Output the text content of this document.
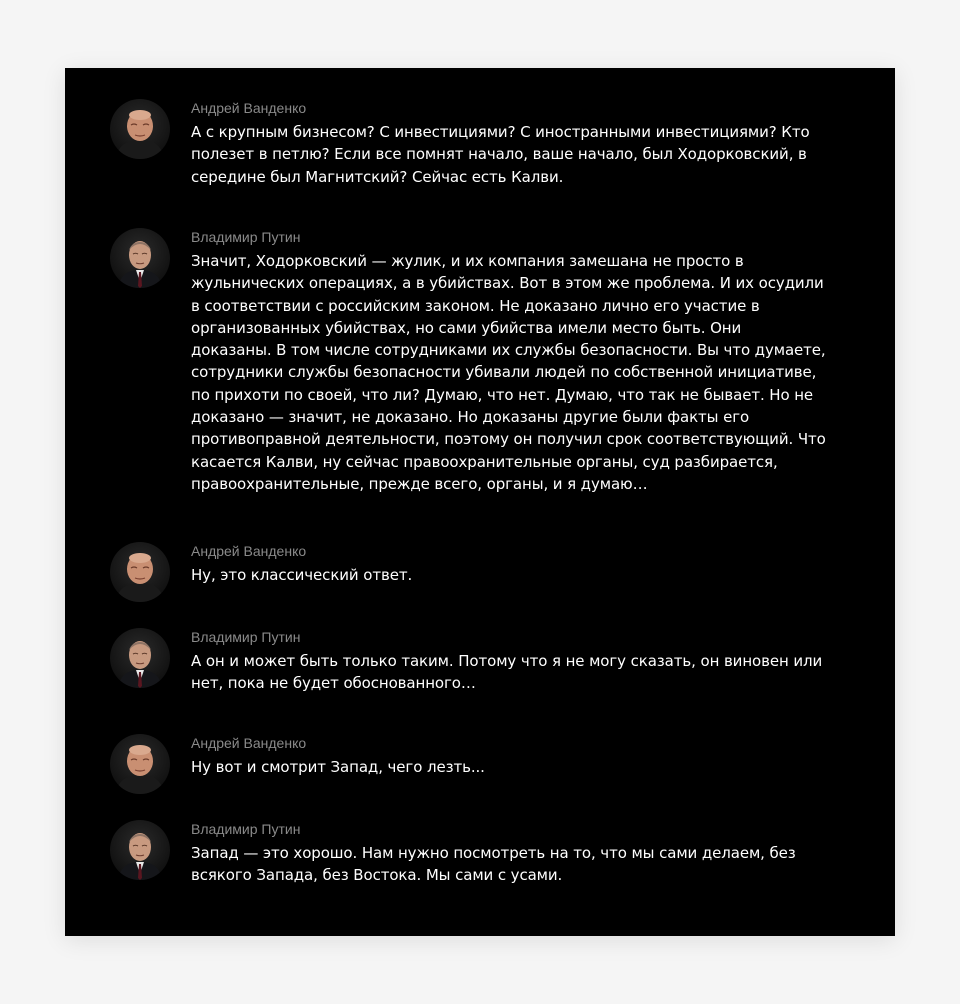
Андрей Ванденко
А с крупным бизнесом? С инвестициями? С иностранными инвестициями? Кто
полезет в петлю? Если все помнят начало, ваше начало, был Ходорковский, в
середине был Магнитский? Сейчас есть Калви.
Владимир Путин
Значит, Ходорковский — жулик, и их компания замешана не просто в
жульнических операциях, а в убийствах. Вот в этом же проблема. И их осудили
в соответствии с российским законом. Не доказано лично его участие в
организованных убийствах, но сами убийства имели место быть. Они
доказаны. В том числе сотрудниками их службы безопасности. Вы что думаете,
сотрудники службы безопасности убивали людей по собственной инициативе,
по прихоти по своей, что ли? Думаю, что нет. Думаю, что так не бывает. Но не
доказано — значит, не доказано. Но доказаны другие были факты его
противоправной деятельности, поэтому он получил срок соответствующий. Что
касается Калви, ну сейчас правоохранительные органы, суд разбирается,
правоохранительные, прежде всего, органы, и я думаю…
Андрей Ванденко
Ну, это классический ответ.
Владимир Путин
А он и может быть только таким. Потому что я не могу сказать, он виновен или
нет, пока не будет обоснованного…
Андрей Ванденко
Ну вот и смотрит Запад, чего лезть...
Владимир Путин
Запад — это хорошо. Нам нужно посмотреть на то, что мы сами делаем, без
всякого Запада, без Востока. Мы сами с усами.
